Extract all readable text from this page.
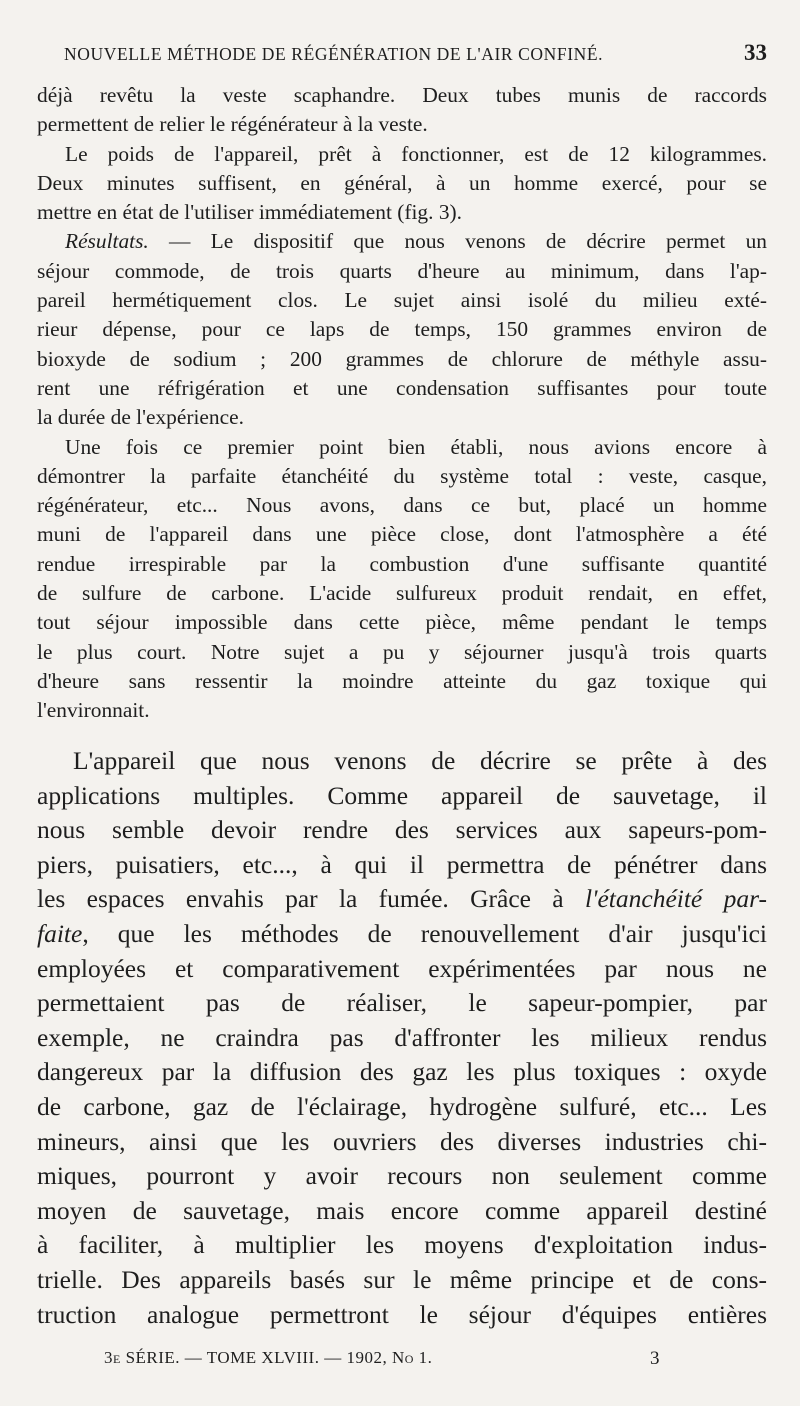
NOUVELLE MÉTHODE DE RÉGÉNÉRATION DE L'AIR CONFINÉ.	33

déjà revêtu la veste scaphandre. Deux tubes munis de raccords

permettent de relier le régénérateur à la veste.

Le poids de l'appareil, prêt à fonctionner, est de 12 kilogrammes.

Deux minutes suffisent, en général, à un homme exercé, pour se

mettre en état de l'utiliser immédiatement (fig. 3).

Résultats. — Le dispositif que nous venons de décrire permet un

séjour commode, de trois quarts d'heure au minimum, dans l'ap-
pareil hermétiquement clos. Le sujet ainsi isolé du milieu exté-
rieur dépense, pour ce laps de temps, 150 grammes environ de
bioxyde de sodium ; 200 grammes de chlorure de méthyle assu-
rent une réfrigération et une condensation suffisantes pour toute

la durée de l'expérience.

Une fois ce premier point bien établi, nous avions encore à

démontrer la parfaite étanchéité du système total : veste, casque,
régénérateur, etc... Nous avons, dans ce but, placé un homme
muni de l'appareil dans une pièce close, dont l'atmosphère a été
rendue irrespirable par la combustion d'une suffisante quantité
de sulfure de carbone. L'acide sulfureux produit rendait, en effet,
tout séjour impossible dans cette pièce, même pendant le temps
le plus court. Notre sujet a pu y séjourner jusqu'à trois quarts
d'heure sans ressentir la moindre atteinte du gaz toxique qui

l'environnait.

L'appareil que nous venons de décrire se prête à des

applications multiples. Comme appareil de sauvetage, il
nous semble devoir rendre des services aux sapeurs-pom-
piers, puisatiers, etc..., à qui il permettra de pénétrer dans
les espaces envahis par la fumée. Grâce à l'étanchéité par-
faite, que les méthodes de renouvellement d'air jusqu'ici
employées et comparativement expérimentées par nous ne
permettaient pas de réaliser, le sapeur-pompier, par
exemple, ne craindra pas d'affronter les milieux rendus
dangereux par la diffusion des gaz les plus toxiques : oxyde
de carbone, gaz de l'éclairage, hydrogène sulfuré, etc... Les
mineurs, ainsi que les ouvriers des diverses industries chi-
miques, pourront y avoir recours non seulement comme
moyen de sauvetage, mais encore comme appareil destiné
à faciliter, à multiplier les moyens d'exploitation indus-
trielle. Des appareils basés sur le même principe et de cons-
truction analogue permettront le séjour d'équipes entières

3e SÉRIE. — TOME XLVIII. — 1902, No 1.	3
